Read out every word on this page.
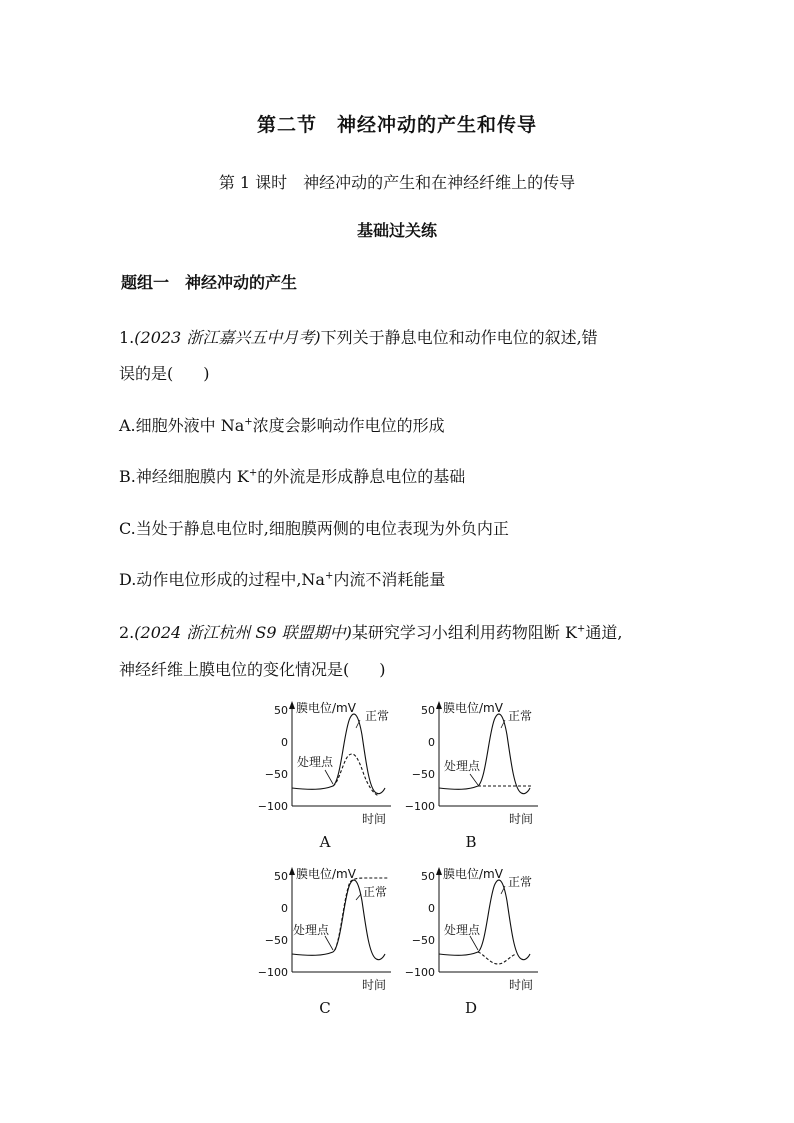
第二节　神经冲动的产生和传导
第 1 课时　神经冲动的产生和在神经纤维上的传导
基础过关练
题组一　神经冲动的产生
1.(2023 浙江嘉兴五中月考)下列关于静息电位和动作电位的叙述,错
误的是( )
A.细胞外液中 Na+浓度会影响动作电位的形成
B.神经细胞膜内 K+的外流是形成静息电位的基础
C.当处于静息电位时,细胞膜两侧的电位表现为外负内正
D.动作电位形成的过程中,Na+内流不消耗能量
2.(2024 浙江杭州 S9 联盟期中)某研究学习小组利用药物阻断 K+通道,
神经纤维上膜电位的变化情况是( )
50
0
−50
−100
膜电位/mV
时间
正常
处理点
A
50
0
−50
−100
膜电位/mV
时间
正常
处理点
B
50
0
−50
−100
膜电位/mV
时间
正常
处理点
C
50
0
−50
−100
膜电位/mV
时间
正常
处理点
D
